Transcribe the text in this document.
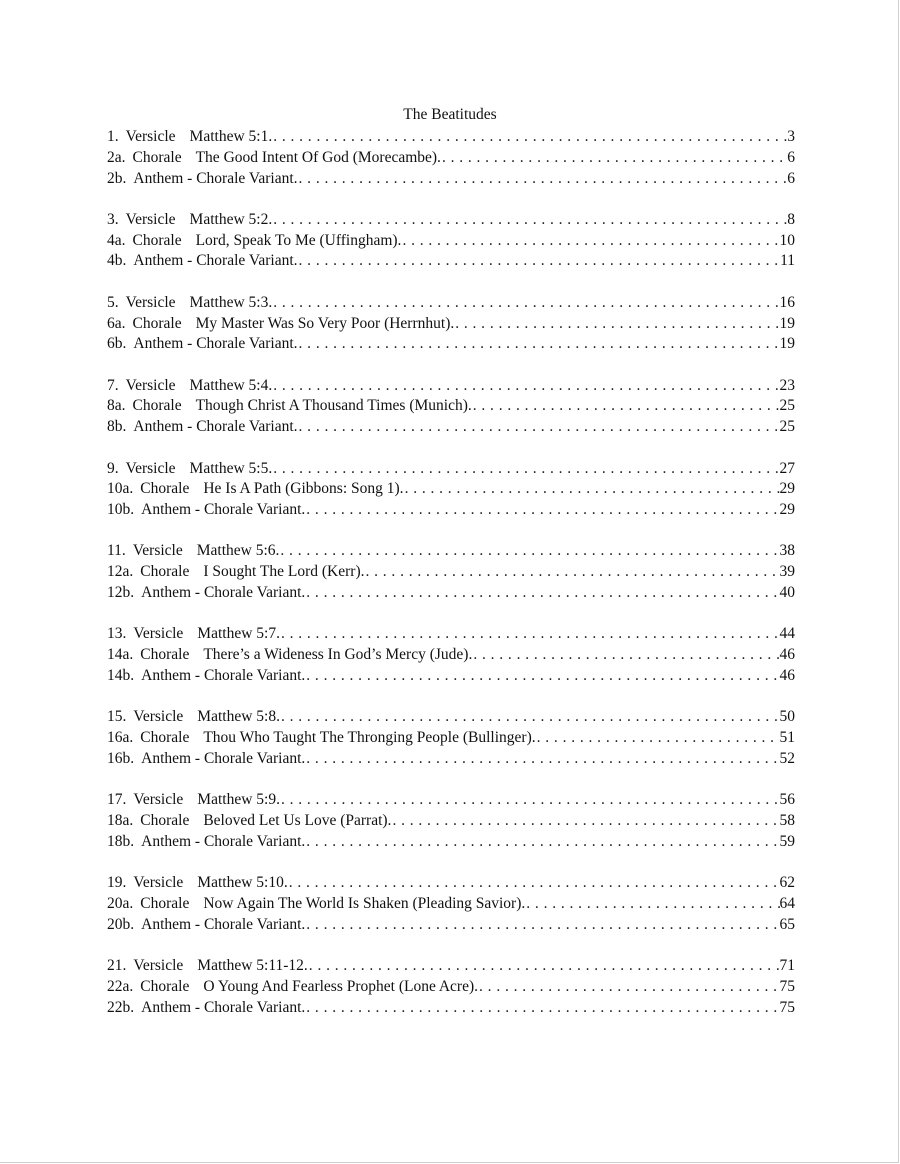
The Beatitudes
1. Versicle Matthew 5:1. . . .	3
2a. Chorale The Good Intent Of God (Morecambe). . . .	6
2b. Anthem - Chorale Variant. . . .	6
3. Versicle Matthew 5:2. . . .	8
4a. Chorale Lord, Speak To Me (Uffingham). . . .	10
4b. Anthem - Chorale Variant. . . .	11
5. Versicle Matthew 5:3. . . .	16
6a. Chorale My Master Was So Very Poor (Herrnhut). . . .	19
6b. Anthem - Chorale Variant. . . .	19
7. Versicle Matthew 5:4. . . .	23
8a. Chorale Though Christ A Thousand Times (Munich). . . .	25
8b. Anthem - Chorale Variant. . . .	25
9. Versicle Matthew 5:5. . . .	27
10a. Chorale He Is A Path (Gibbons: Song 1). . . .	29
10b. Anthem - Chorale Variant. . . .	29
11. Versicle Matthew 5:6. . . .	38
12a. Chorale I Sought The Lord (Kerr). . . .	39
12b. Anthem - Chorale Variant. . . .	40
13. Versicle Matthew 5:7. . . .	44
14a. Chorale There’s a Wideness In God’s Mercy (Jude). . . .	46
14b. Anthem - Chorale Variant. . . .	46
15. Versicle Matthew 5:8. . . .	50
16a. Chorale Thou Who Taught The Thronging People (Bullinger). . . .	51
16b. Anthem - Chorale Variant. . . .	52
17. Versicle Matthew 5:9. . . .	56
18a. Chorale Beloved Let Us Love (Parrat). . . .	58
18b. Anthem - Chorale Variant. . . .	59
19. Versicle Matthew 5:10. . . .	62
20a. Chorale Now Again The World Is Shaken (Pleading Savior). . . .	64
20b. Anthem - Chorale Variant. . . .	65
21. Versicle Matthew 5:11-12. . . .	71
22a. Chorale O Young And Fearless Prophet (Lone Acre). . . .	75
22b. Anthem - Chorale Variant. . . .	75
